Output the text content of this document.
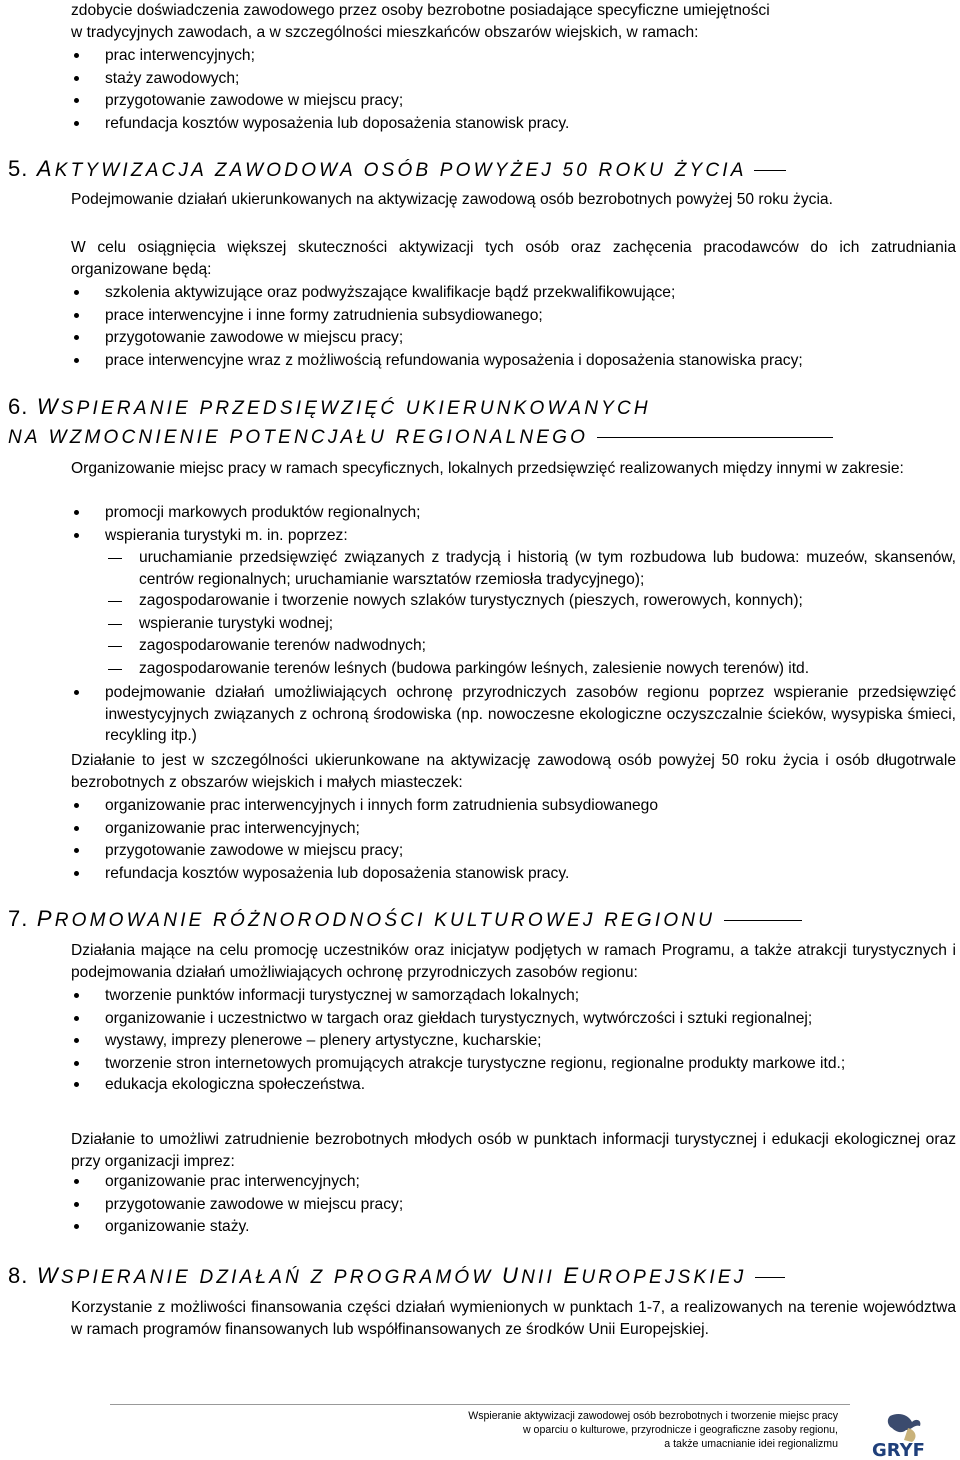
zdobycie doświadczenia zawodowego przez osoby bezrobotne posiadające specyficzne umiejętności
w tradycyjnych zawodach, a w szczególności mieszkańców obszarów wiejskich, w ramach:
prac interwencyjnych;
staży zawodowych;
przygotowanie zawodowe w miejscu pracy;
refundacja kosztów wyposażenia lub doposażenia stanowisk pracy.
5. AKTYWIZACJA ZAWODOWA OSÓB POWYŻEJ 50 ROKU ŻYCIA

Podejmowanie działań ukierunkowanych na aktywizację zawodową osób bezrobotnych powyżej 50 roku życia.

W celu osiągnięcia większej skuteczności aktywizacji tych osób oraz zachęcenia pracodawców do ich zatrudniania organizowane będą:

szkolenia aktywizujące oraz podwyższające kwalifikacje bądź przekwalifikowujące;
prace interwencyjne i inne formy zatrudnienia subsydiowanego;
przygotowanie zawodowe w miejscu pracy;
prace interwencyjne wraz z możliwością refundowania wyposażenia i doposażenia stanowiska pracy;
6. WSPIERANIE PRZEDSIĘWZIĘĆ UKIERUNKOWANYCH
NA WZMOCNIENIE POTENCJAŁU REGIONALNEGO

Organizowanie miejsc pracy w ramach specyficznych, lokalnych przedsięwzięć realizowanych między innymi w zakresie:

promocji markowych produktów regionalnych;
wspierania turystyki m. in. poprzez:
uruchamianie przedsięwzięć związanych z tradycją i historią (w tym rozbudowa lub budowa: muzeów, skansenów, centrów regionalnych; uruchamianie warsztatów rzemiosła tradycyjnego);
zagospodarowanie i tworzenie nowych szlaków turystycznych (pieszych, rowerowych, konnych);
wspieranie turystyki wodnej;
zagospodarowanie terenów nadwodnych;
zagospodarowanie terenów leśnych (budowa parkingów leśnych, zalesienie nowych terenów) itd.
podejmowanie działań umożliwiających ochronę przyrodniczych zasobów regionu poprzez wspieranie przedsięwzięć inwestycyjnych związanych z ochroną środowiska (np. nowoczesne ekologiczne oczyszczalnie ścieków, wysypiska śmieci, recykling itp.)

Działanie to jest w szczególności ukierunkowane na aktywizację zawodową osób powyżej 50 roku życia i osób długotrwale bezrobotnych z obszarów wiejskich i małych miasteczek:

organizowanie prac interwencyjnych i innych form zatrudnienia subsydiowanego
organizowanie prac interwencyjnych;
przygotowanie zawodowe w miejscu pracy;
refundacja kosztów wyposażenia lub doposażenia stanowisk pracy.
7. PROMOWANIE RÓŻNORODNOŚCI KULTUROWEJ REGIONU

Działania mające na celu promocję uczestników oraz inicjatyw podjętych w ramach Programu, a także atrakcji turystycznych i podejmowania działań umożliwiających ochronę przyrodniczych zasobów regionu:

tworzenie punktów informacji turystycznej w samorządach lokalnych;
organizowanie i uczestnictwo w targach oraz giełdach turystycznych, wytwórczości i sztuki regionalnej;
wystawy, imprezy plenerowe – plenery artystyczne, kucharskie;
tworzenie stron internetowych promujących atrakcje turystyczne regionu, regionalne produkty markowe itd.;
edukacja ekologiczna społeczeństwa.

Działanie to umożliwi zatrudnienie bezrobotnych młodych osób w punktach informacji turystycznej i edukacji ekologicznej oraz przy organizacji imprez:

organizowanie prac interwencyjnych;
przygotowanie zawodowe w miejscu pracy;
organizowanie staży.
8. WSPIERANIE DZIAŁAŃ Z PROGRAMÓW UNII EUROPEJSKIEJ

Korzystanie z możliwości finansowania części działań wymienionych w punktach 1-7, a realizowanych na terenie województwa w ramach programów finansowanych lub współfinansowanych ze środków Unii Europejskiej.

Wspieranie aktywizacji zawodowej osób bezrobotnych i tworzenie miejsc pracy
w oparciu o kulturowe, przyrodnicze i geograficzne zasoby regionu,
a także umacnianie idei regionalizmu GRYF
